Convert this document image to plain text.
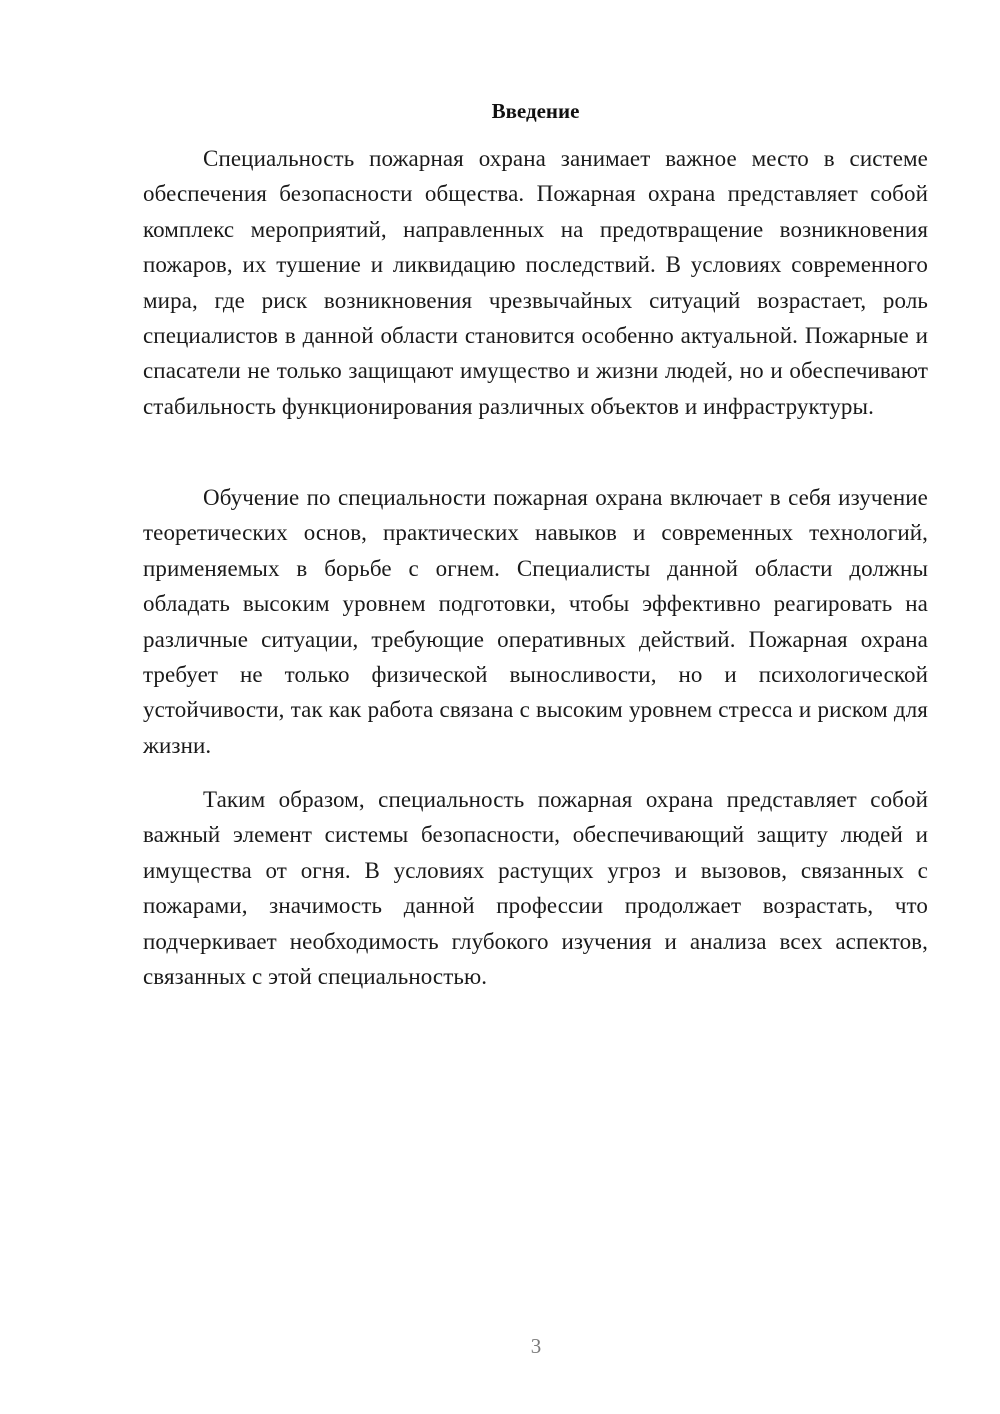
Введение

Специальность пожарная охрана занимает важное место в системе обеспечения безопасности общества. Пожарная охрана представляет собой комплекс мероприятий, направленных на предотвращение возникновения пожаров, их тушение и ликвидацию последствий. В условиях современного мира, где риск возникновения чрезвычайных ситуаций возрастает, роль специалистов в данной области становится особенно актуальной. Пожарные и спасатели не только защищают имущество и жизни людей, но и обеспечивают стабильность функционирования различных объектов и инфраструктуры.

Обучение по специальности пожарная охрана включает в себя изучение теоретических основ, практических навыков и современных технологий, применяемых в борьбе с огнем. Специалисты данной области должны обладать высоким уровнем подготовки, чтобы эффективно реагировать на различные ситуации, требующие оперативных действий. Пожарная охрана требует не только физической выносливости, но и психологической устойчивости, так как работа связана с высоким уровнем стресса и риском для жизни.

Таким образом, специальность пожарная охрана представляет собой важный элемент системы безопасности, обеспечивающий защиту людей и имущества от огня. В условиях растущих угроз и вызовов, связанных с пожарами, значимость данной профессии продолжает возрастать, что подчеркивает необходимость глубокого изучения и анализа всех аспектов, связанных с этой специальностью.

3
